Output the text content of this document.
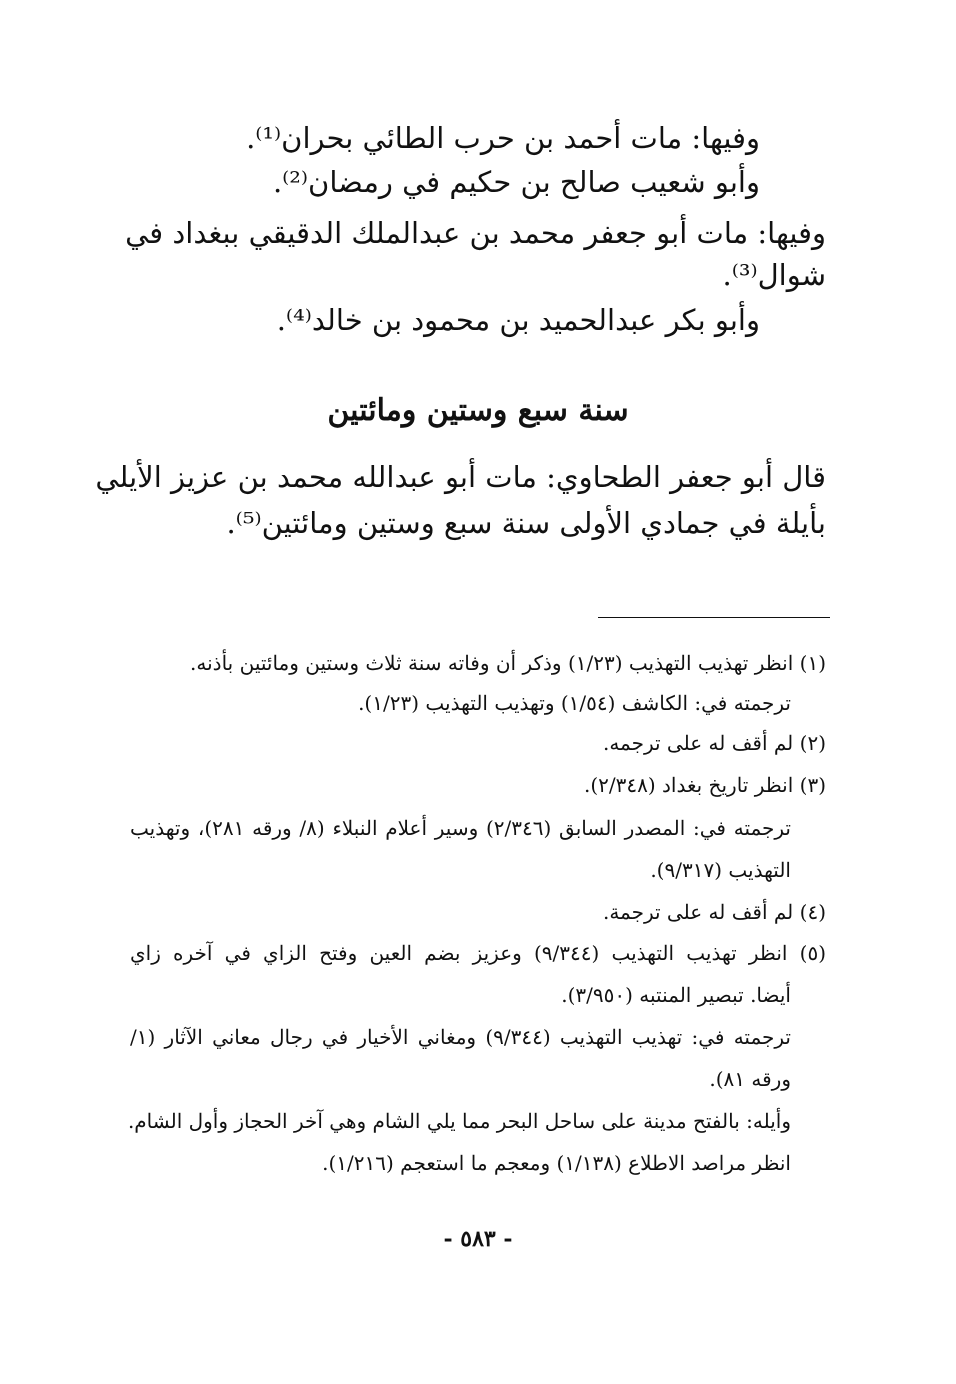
وفيها: مات أحمد بن حرب الطائي بحران⁽¹⁾.

وأبو شعيب صالح بن حكيم في رمضان⁽²⁾.

وفيها: مات أبو جعفر محمد بن عبدالملك الدقيقي ببغداد في

شوال⁽³⁾.

وأبو بكر عبدالحميد بن محمود بن خالد⁽⁴⁾.

سنة سبع وستين ومائتين

قال أبو جعفر الطحاوي: مات أبو عبدالله محمد بن عزيز الأيلي

بأيلة في جمادي الأولى سنة سبع وستين ومائتين⁽⁵⁾.

(١) انظر تهذيب التهذيب (١/٢٣) وذكر أن وفاته سنة ثلاث وستين ومائتين بأذنه.

ترجمته في: الكاشف (١/٥٤) وتهذيب التهذيب (١/٢٣).

(٢) لم أقف له على ترجمه.

(٣) انظر تاريخ بغداد (٢/٣٤٨).

ترجمته في: المصدر السابق (٢/٣٤٦) وسير أعلام النبلاء (٨/ ورقه ٢٨١)، وتهذيب

التهذيب (٩/٣١٧).

(٤) لم أقف له على ترجمة.

(٥) انظر تهذيب التهذيب (٩/٣٤٤) وعزيز بضم العين وفتح الزاي في آخره زاي

أيضا. تبصير المنتبه (٣/٩٥٠).

ترجمته في: تهذيب التهذيب (٩/٣٤٤) ومغاني الأخيار في رجال معاني الآثار (١/

ورقه ٨١).

وأيله: بالفتح مدينة على ساحل البحر مما يلي الشام وهي آخر الحجاز وأول الشام.

انظر مراصد الاطلاع (١/١٣٨) ومعجم ما استعجم (١/٢١٦).

- ٥٨٣ -
